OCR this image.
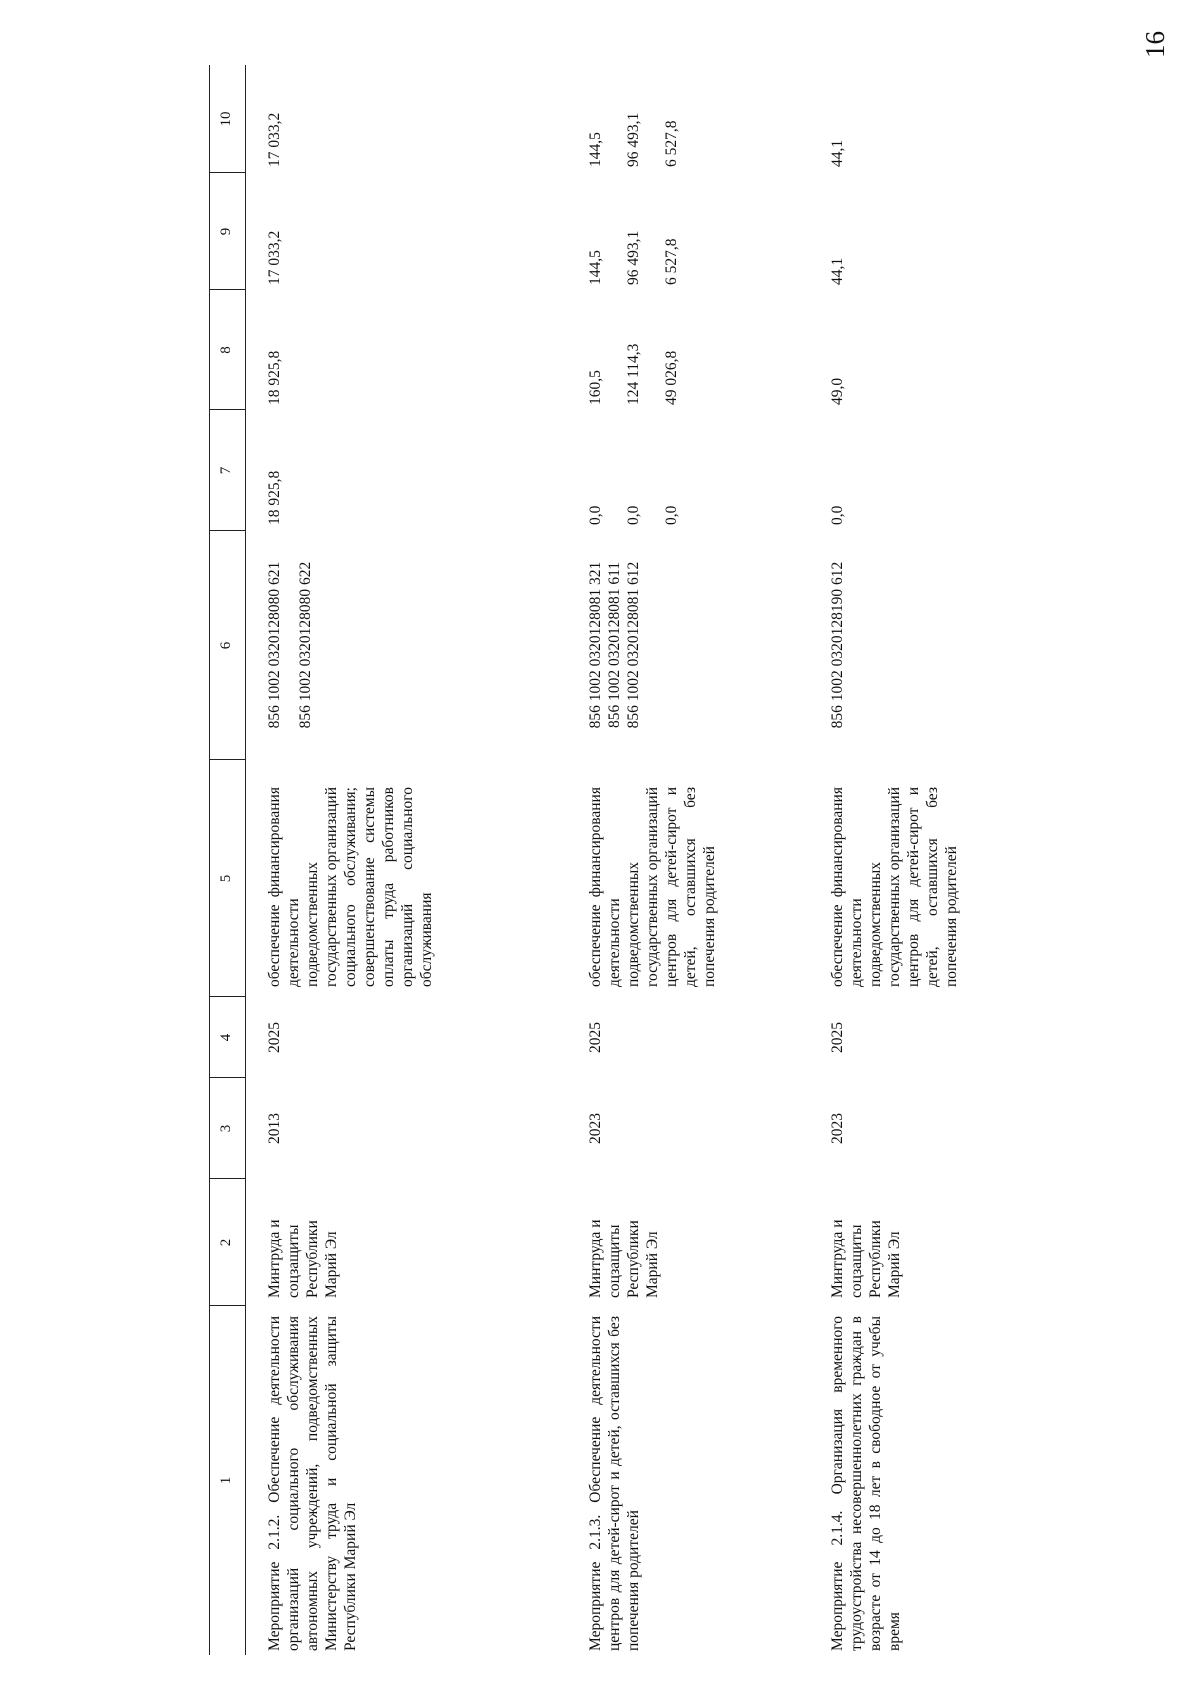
16
1
2
3
4
5
6
7
8
9
10
Мероприятие 2.1.2. Обеспечение деятельности организаций социального обслуживания автономных учреждений, подведомственных Министерству труда и социальной защиты Республики Марий Эл
Минтруда и соцзащиты Республики Марий Эл
2013
2025
обеспечение финансирования деятельности подведомственных государственных организаций социального обслуживания; совершенствование системы оплаты труда работников организаций социального обслуживания
856 1002 0320128080 621 856 1002 0320128080 622
18 925,8
18 925,8
17 033,2
17 033,2
Мероприятие 2.1.3. Обеспечение деятельности центров для детей-сирот и детей, оставшихся без попечения родителей
Минтруда и соцзащиты Республики Марий Эл
2023
2025
обеспечение финансирования деятельности подведомственных государственных организаций центров для детей-сирот и детей, оставшихся без попечения родителей
856 1002 0320128081 321 856 1002 0320128081 611 856 1002 0320128081 612
0,0 0,0 0,0
160,5 124 114,3 49 026,8
144,5 96 493,1 6 527,8
144,5 96 493,1 6 527,8
Мероприятие 2.1.4. Организация временного трудоустройства несовершеннолетних граждан в возрасте от 14 до 18 лет в свободное от учебы время
Минтруда и соцзащиты Республики Марий Эл
2023
2025
обеспечение финансирования деятельности подведомственных государственных организаций центров для детей-сирот и детей, оставшихся без попечения родителей
856 1002 0320128190 612
0,0
49,0
44,1
44,1
